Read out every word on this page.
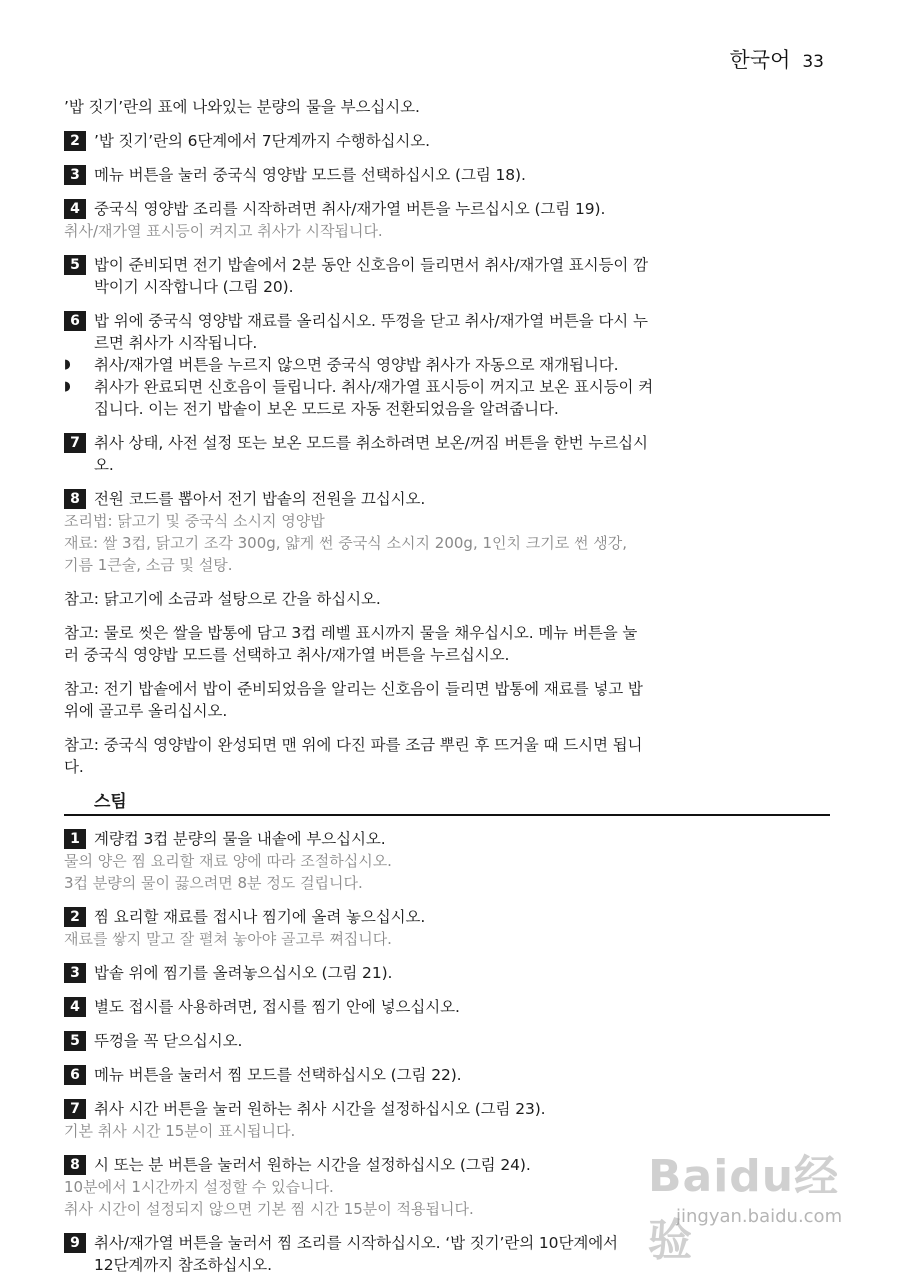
한국어 33
’밥 짓기’란의 표에 나와있는 분량의 물을 부으십시오.
2 ’밥 짓기’란의 6단계에서 7단계까지 수행하십시오.
3 메뉴 버튼을 눌러 중국식 영양밥 모드를 선택하십시오 (그림 18).
4 중국식 영양밥 조리를 시작하려면 취사/재가열 버튼을 누르십시오 (그림 19).
취사/재가열 표시등이 켜지고 취사가 시작됩니다.
5 밥이 준비되면 전기 밥솥에서 2분 동안 신호음이 들리면서 취사/재가열 표시등이 깜
박이기 시작합니다 (그림 20).
6 밥 위에 중국식 영양밥 재료를 올리십시오. 뚜껑을 닫고 취사/재가열 버튼을 다시 누
르면 취사가 시작됩니다.
◗	취사/재가열 버튼을 누르지 않으면 중국식 영양밥 취사가 자동으로 재개됩니다.
◗	취사가 완료되면 신호음이 들립니다. 취사/재가열 표시등이 꺼지고 보온 표시등이 켜
집니다. 이는 전기 밥솥이 보온 모드로 자동 전환되었음을 알려줍니다.
7 취사 상태, 사전 설정 또는 보온 모드를 취소하려면 보온/꺼짐 버튼을 한번 누르십시
오.
8 전원 코드를 뽑아서 전기 밥솥의 전원을 끄십시오.
조리법: 닭고기 및 중국식 소시지 영양밥
재료: 쌀 3컵, 닭고기 조각 300g, 얇게 썬 중국식 소시지 200g, 1인치 크기로 썬 생강,
기름 1큰술, 소금 및 설탕.
참고: 닭고기에 소금과 설탕으로 간을 하십시오.
참고: 물로 씻은 쌀을 밥통에 담고 3컵 레벨 표시까지 물을 채우십시오. 메뉴 버튼을 눌
러 중국식 영양밥 모드를 선택하고 취사/재가열 버튼을 누르십시오.
참고: 전기 밥솥에서 밥이 준비되었음을 알리는 신호음이 들리면 밥통에 재료를 넣고 밥
위에 골고루 올리십시오.
참고: 중국식 영양밥이 완성되면 맨 위에 다진 파를 조금 뿌린 후 뜨거울 때 드시면 됩니
다.
스팀
1 계량컵 3컵 분량의 물을 내솥에 부으십시오.
물의 양은 찜 요리할 재료 양에 따라 조절하십시오.
3컵 분량의 물이 끓으려면 8분 정도 걸립니다.
2 찜 요리할 재료를 접시나 찜기에 올려 놓으십시오.
재료를 쌓지 말고 잘 펼쳐 놓아야 골고루 쪄집니다.
3 밥솥 위에 찜기를 올려놓으십시오 (그림 21).
4 별도 접시를 사용하려면, 접시를 찜기 안에 넣으십시오.
5 뚜껑을 꼭 닫으십시오.
6 메뉴 버튼을 눌러서 찜 모드를 선택하십시오 (그림 22).
7 취사 시간 버튼을 눌러 원하는 취사 시간을 설정하십시오 (그림 23).
기본 취사 시간 15분이 표시됩니다.
8 시 또는 분 버튼을 눌러서 원하는 시간을 설정하십시오 (그림 24).
10분에서 1시간까지 설정할 수 있습니다.
취사 시간이 설정되지 않으면 기본 찜 시간 15분이 적용됩니다.
9 취사/재가열 버튼을 눌러서 찜 조리를 시작하십시오. ‘밥 짓기’란의 10단계에서
12단계까지 참조하십시오.
Baidu经验
jingyan.baidu.com
